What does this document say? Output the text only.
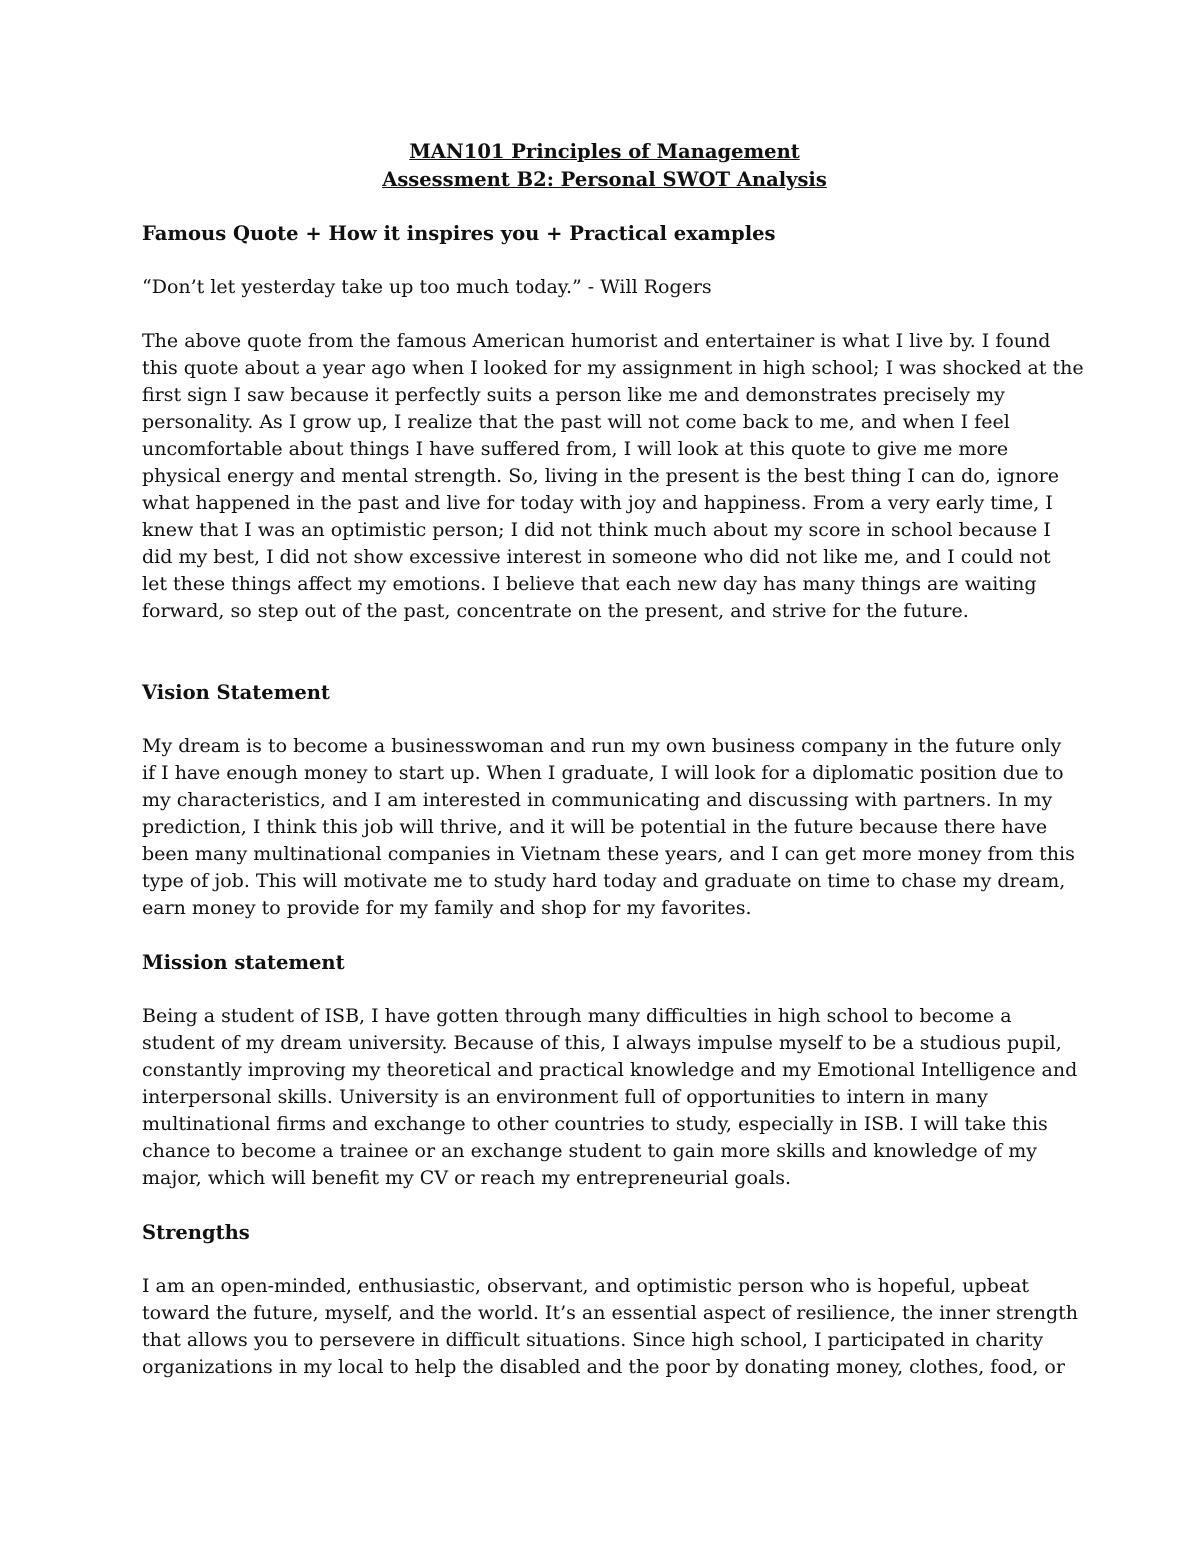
MAN101 Principles of Management

Assessment B2: Personal SWOT Analysis

Famous Quote + How it inspires you + Practical examples

“Don’t let yesterday take up too much today.” - Will Rogers

The above quote from the famous American humorist and entertainer is what I live by. I found
this quote about a year ago when I looked for my assignment in high school; I was shocked at the
first sign I saw because it perfectly suits a person like me and demonstrates precisely my
personality. As I grow up, I realize that the past will not come back to me, and when I feel
uncomfortable about things I have suffered from, I will look at this quote to give me more
physical energy and mental strength. So, living in the present is the best thing I can do, ignore
what happened in the past and live for today with joy and happiness. From a very early time, I
knew that I was an optimistic person; I did not think much about my score in school because I
did my best, I did not show excessive interest in someone who did not like me, and I could not
let these things affect my emotions. I believe that each new day has many things are waiting
forward, so step out of the past, concentrate on the present, and strive for the future.

Vision Statement

My dream is to become a businesswoman and run my own business company in the future only
if I have enough money to start up. When I graduate, I will look for a diplomatic position due to
my characteristics, and I am interested in communicating and discussing with partners. In my
prediction, I think this job will thrive, and it will be potential in the future because there have
been many multinational companies in Vietnam these years, and I can get more money from this
type of job. This will motivate me to study hard today and graduate on time to chase my dream,
earn money to provide for my family and shop for my favorites.

Mission statement

Being a student of ISB, I have gotten through many difficulties in high school to become a
student of my dream university. Because of this, I always impulse myself to be a studious pupil,
constantly improving my theoretical and practical knowledge and my Emotional Intelligence and
interpersonal skills. University is an environment full of opportunities to intern in many
multinational firms and exchange to other countries to study, especially in ISB. I will take this
chance to become a trainee or an exchange student to gain more skills and knowledge of my
major, which will benefit my CV or reach my entrepreneurial goals.

Strengths

I am an open-minded, enthusiastic, observant, and optimistic person who is hopeful, upbeat
toward the future, myself, and the world. It’s an essential aspect of resilience, the inner strength
that allows you to persevere in difficult situations. Since high school, I participated in charity
organizations in my local to help the disabled and the poor by donating money, clothes, food, or
